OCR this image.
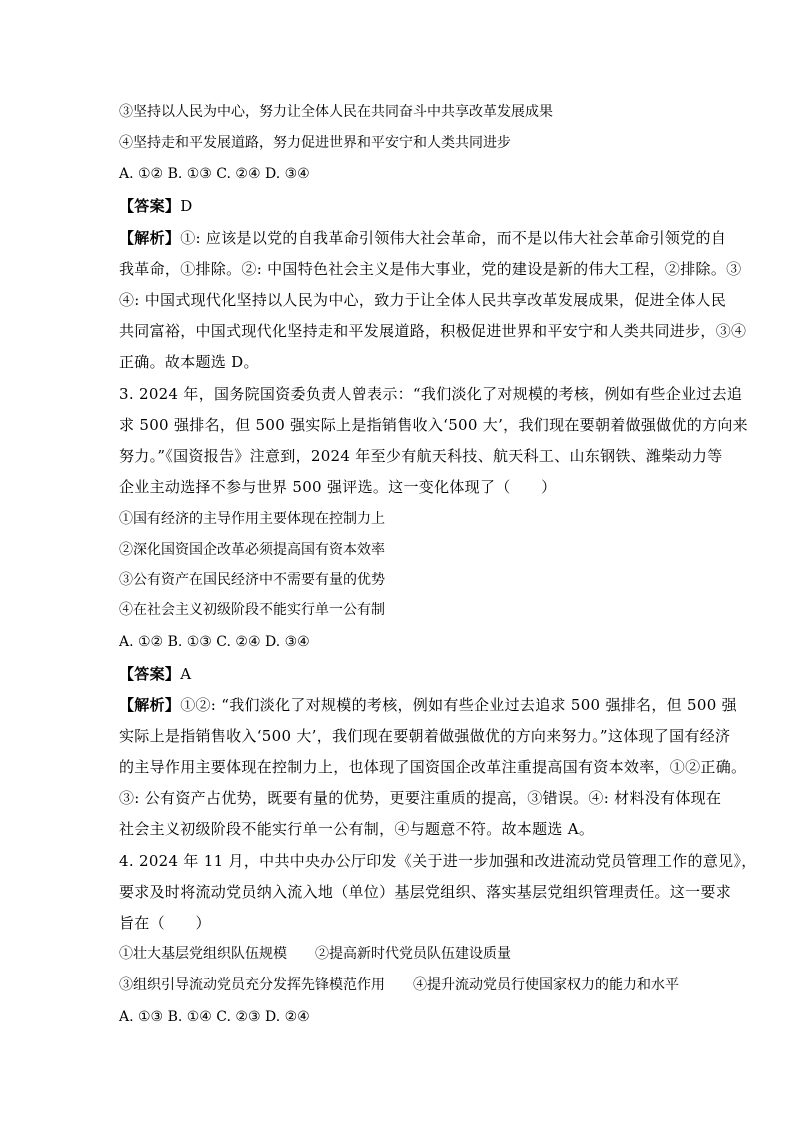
③坚持以人民为中心，努力让全体人民在共同奋斗中共享改革发展成果
④坚持走和平发展道路，努力促进世界和平安宁和人类共同进步
A. ①② B. ①③ C. ②④ D. ③④
【答案】D
【解析】①: 应该是以党的自我革命引领伟大社会革命，而不是以伟大社会革命引领党的自
我革命，①排除。②: 中国特色社会主义是伟大事业，党的建设是新的伟大工程，②排除。③
④: 中国式现代化坚持以人民为中心，致力于让全体人民共享改革发展成果，促进全体人民
共同富裕，中国式现代化坚持走和平发展道路，积极促进世界和平安宁和人类共同进步，③④
正确。故本题选 D。
3. 2024 年，国务院国资委负责人曾表示：“我们淡化了对规模的考核，例如有些企业过去追
求 500 强排名，但 500 强实际上是指销售收入‘500 大’，我们现在要朝着做强做优的方向来
努力。”《国资报告》注意到，2024 年至少有航天科技、航天科工、山东钢铁、潍柴动力等
企业主动选择不参与世界 500 强评选。这一变化体现了（　　）
①国有经济的主导作用主要体现在控制力上
②深化国资国企改革必须提高国有资本效率
③公有资产在国民经济中不需要有量的优势
④在社会主义初级阶段不能实行单一公有制
A. ①② B. ①③ C. ②④ D. ③④
【答案】A
【解析】①②: “我们淡化了对规模的考核，例如有些企业过去追求 500 强排名，但 500 强
实际上是指销售收入‘500 大’，我们现在要朝着做强做优的方向来努力。”这体现了国有经济
的主导作用主要体现在控制力上，也体现了国资国企改革注重提高国有资本效率，①②正确。
③: 公有资产占优势，既要有量的优势，更要注重质的提高，③错误。④: 材料没有体现在
社会主义初级阶段不能实行单一公有制，④与题意不符。故本题选 A。
4. 2024 年 11 月，中共中央办公厅印发《关于进一步加强和改进流动党员管理工作的意见》，
要求及时将流动党员纳入流入地（单位）基层党组织、落实基层党组织管理责任。这一要求
旨在（　　）
①壮大基层党组织队伍规模　　②提高新时代党员队伍建设质量
③组织引导流动党员充分发挥先锋模范作用　　④提升流动党员行使国家权力的能力和水平
A. ①③ B. ①④ C. ②③ D. ②④
